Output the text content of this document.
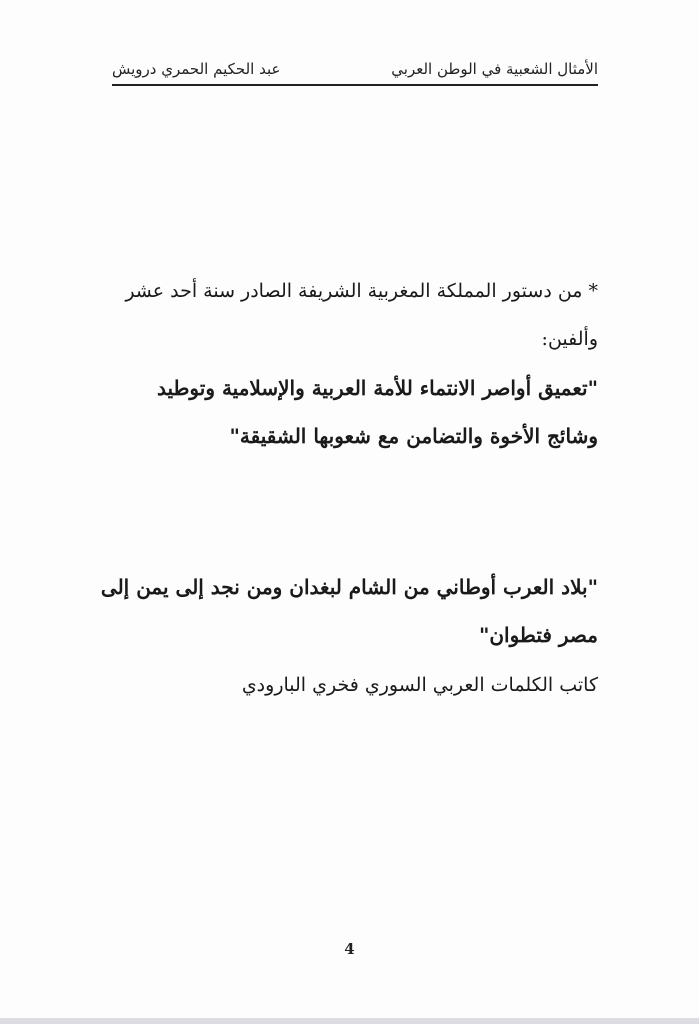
الأمثال الشعبية في الوطن العربي
عبد الحكيم الحمري درويش
* من دستور المملكة المغربية الشريفة الصادر سنة أحد عشر
وألفين:
"تعميق أواصر الانتماء للأمة العربية والإسلامية وتوطيد
وشائج الأخوة والتضامن مع شعوبها الشقيقة"
"بلاد العرب أوطاني من الشام لبغدان ومن نجد إلى يمن إلى
مصر فتطوان"
كاتب الكلمات العربي السوري فخري البارودي
4
